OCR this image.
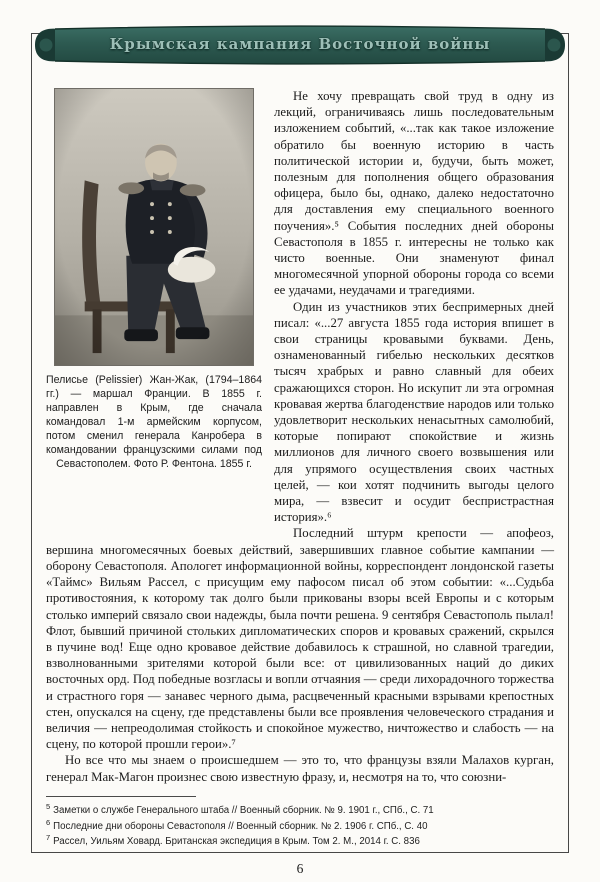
Крымская кампания Восточной войны
Пелисье (Pelissier) Жан-Жак, (1794–1864 гг.) — маршал Франции. В 1855 г. направлен в Крым, где сначала командовал 1-м армейским корпусом, потом сменил генерала Канробера в командовании французскими силами под Севастополем. Фото Р. Фентона. 1855 г.

Не хочу превращать свой труд в одну из лекций, ограничиваясь лишь последовательным изложением событий, «...так как такое изложение обратило бы военную историю в часть политической истории и, будучи, быть может, полезным для пополнения общего образования офицера, было бы, однако, далеко недостаточно для доставления ему специального военного поучения».⁵ События последних дней обороны Севастополя в 1855 г. интересны не только как чисто военные. Они знаменуют финал многомесячной упорной обороны города со всеми ее удачами, неудачами и трагедиями.

Один из участников этих беспримерных дней писал: «...27 августа 1855 года история впишет в свои страницы кровавыми буквами. День, ознаменованный гибелью нескольких десятков тысяч храбрых и равно славный для обеих сражающихся сторон. Но искупит ли эта огромная кровавая жертва благоденствие народов или только удовлетворит нескольких ненасытных самолюбий, которые попирают спокойствие и жизнь миллионов для личного своего возвышения или для упрямого осуществления своих частных целей, — кои хотят подчинить выгоды целого мира, — взвесит и осудит беспристрастная история».⁶

Последний штурм крепости — апофеоз, вершина многомесячных боевых действий, завершивших главное событие кампании — оборону Севастополя. Апологет информационной войны, корреспондент лондонской газеты «Таймс» Вильям Рассел, с присущим ему пафосом писал об этом событии: «...Судьба противостояния, к которому так долго были прикованы взоры всей Европы и с которым столько империй связало свои надежды, была почти решена. 9 сентября Севастополь пылал! Флот, бывший причиной стольких дипломатических споров и кровавых сражений, скрылся в пучине вод! Еще одно кровавое действие добавилось к страшной, но славной трагедии, взволнованными зрителями которой были все: от цивилизованных наций до диких восточных орд. Под победные возгласы и вопли отчаяния — среди лихорадочного торжества и страстного горя — занавес черного дыма, расцвеченный красными взрывами крепостных стен, опускался на сцену, где представлены были все проявления человеческого страдания и величия — непреодолимая стойкость и спокойное мужество, ничтожество и слабость — на сцену, по которой прошли герои».⁷

Но все что мы знаем о происшедшем — это то, что французы взяли Малахов курган, генерал Мак-Магон произнес свою известную фразу, и, несмотря на то, что союзни-

$^5$ Заметки о службе Генерального штаба // Военный сборник. № 9. 1901 г., СПб., С. 71
$^6$ Последние дни обороны Севастополя // Военный сборник. № 2. 1906 г. СПб., С. 40
$^7$ Рассел, Уильям Ховард. Британская экспедиция в Крым. Том 2. М., 2014 г. С. 836
6
